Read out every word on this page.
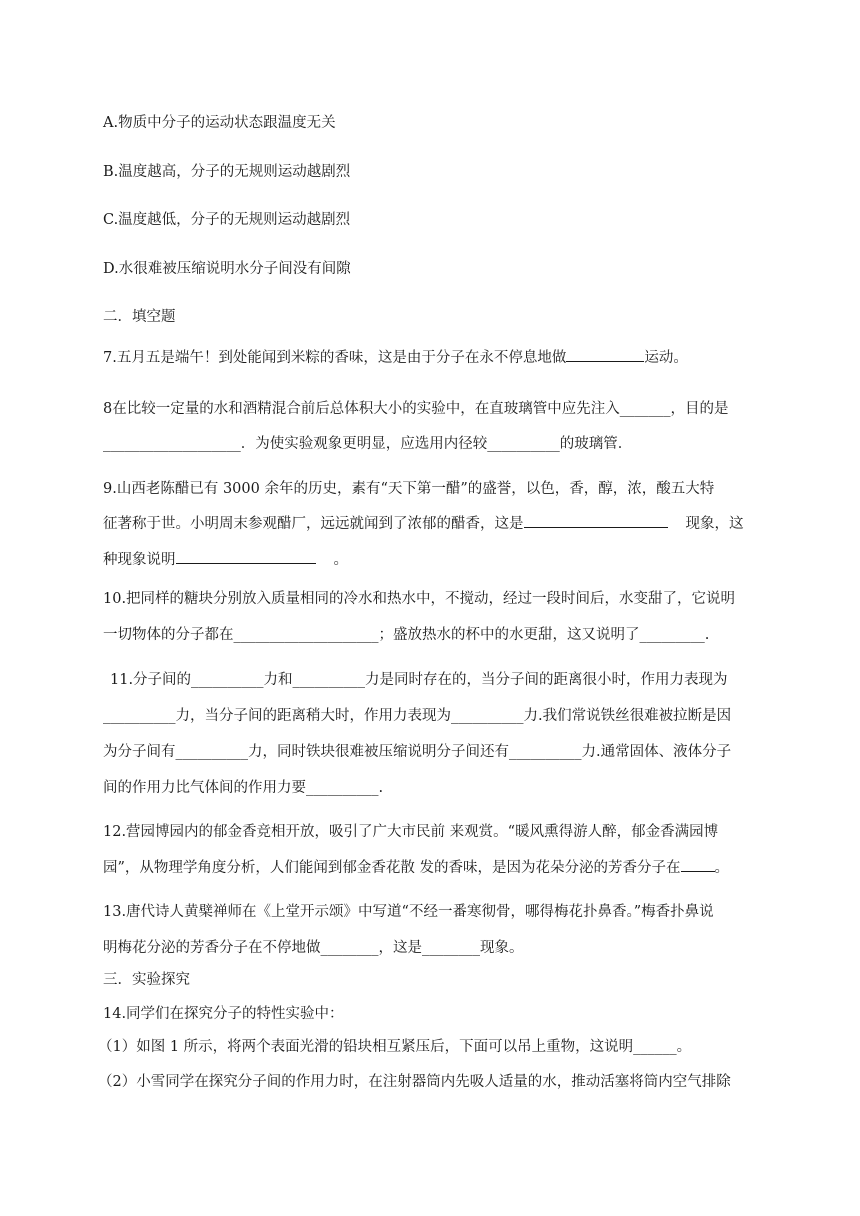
A.物质中分子的运动状态跟温度无关
B.温度越高，分子的无规则运动越剧烈
C.温度越低，分子的无规则运动越剧烈
D.水很难被压缩说明水分子间没有间隙
二．填空题
7.五月五是端午！到处能闻到米粽的香味，这是由于分子在永不停息地做	运动。
8在比较一定量的水和酒精混合前后总体积大小的实验中，在直玻璃管中应先注入_______，目的是
___________________．为使实验观象更明显，应选用内径较__________的玻璃管．
9.山西老陈醋已有 3000 余年的历史，素有“天下第一醋”的盛誉，以色，香，醇，浓，酸五大特
征著称于世。小明周末参观醋厂，远远就闻到了浓郁的醋香，这是	现象，这
种现象说明	。
10.把同样的糖块分别放入质量相同的冷水和热水中，不搅动，经过一段时间后，水变甜了，它说明
一切物体的分子都在____________________；盛放热水的杯中的水更甜，这又说明了_________.
11.分子间的__________力和__________力是同时存在的，当分子间的距离很小时，作用力表现为
__________力，当分子间的距离稍大时，作用力表现为__________力.我们常说铁丝很难被拉断是因
为分子间有__________力，同时铁块很难被压缩说明分子间还有__________力.通常固体、液体分子
间的作用力比气体间的作用力要__________.
12.营园博园内的郁金香竞相开放，吸引了广大市民前 来观赏。“暖风熏得游人醉，郁金香满园博
园”，从物理学角度分析，人们能闻到郁金香花散 发的香味，是因为花朵分泌的芳香分子在 。
13.唐代诗人黄檗禅师在《上堂开示颂》中写道“不经一番寒彻骨，哪得梅花扑鼻香。”梅香扑鼻说
明梅花分泌的芳香分子在不停地做________，这是________现象。
三．实验探究
14.同学们在探究分子的特性实验中：
（1）如图 1 所示，将两个表面光滑的铅块相互紧压后，下面可以吊上重物，这说明______。
（2）小雪同学在探究分子间的作用力时，在注射器筒内先吸人适量的水，推动活塞将筒内空气排除
